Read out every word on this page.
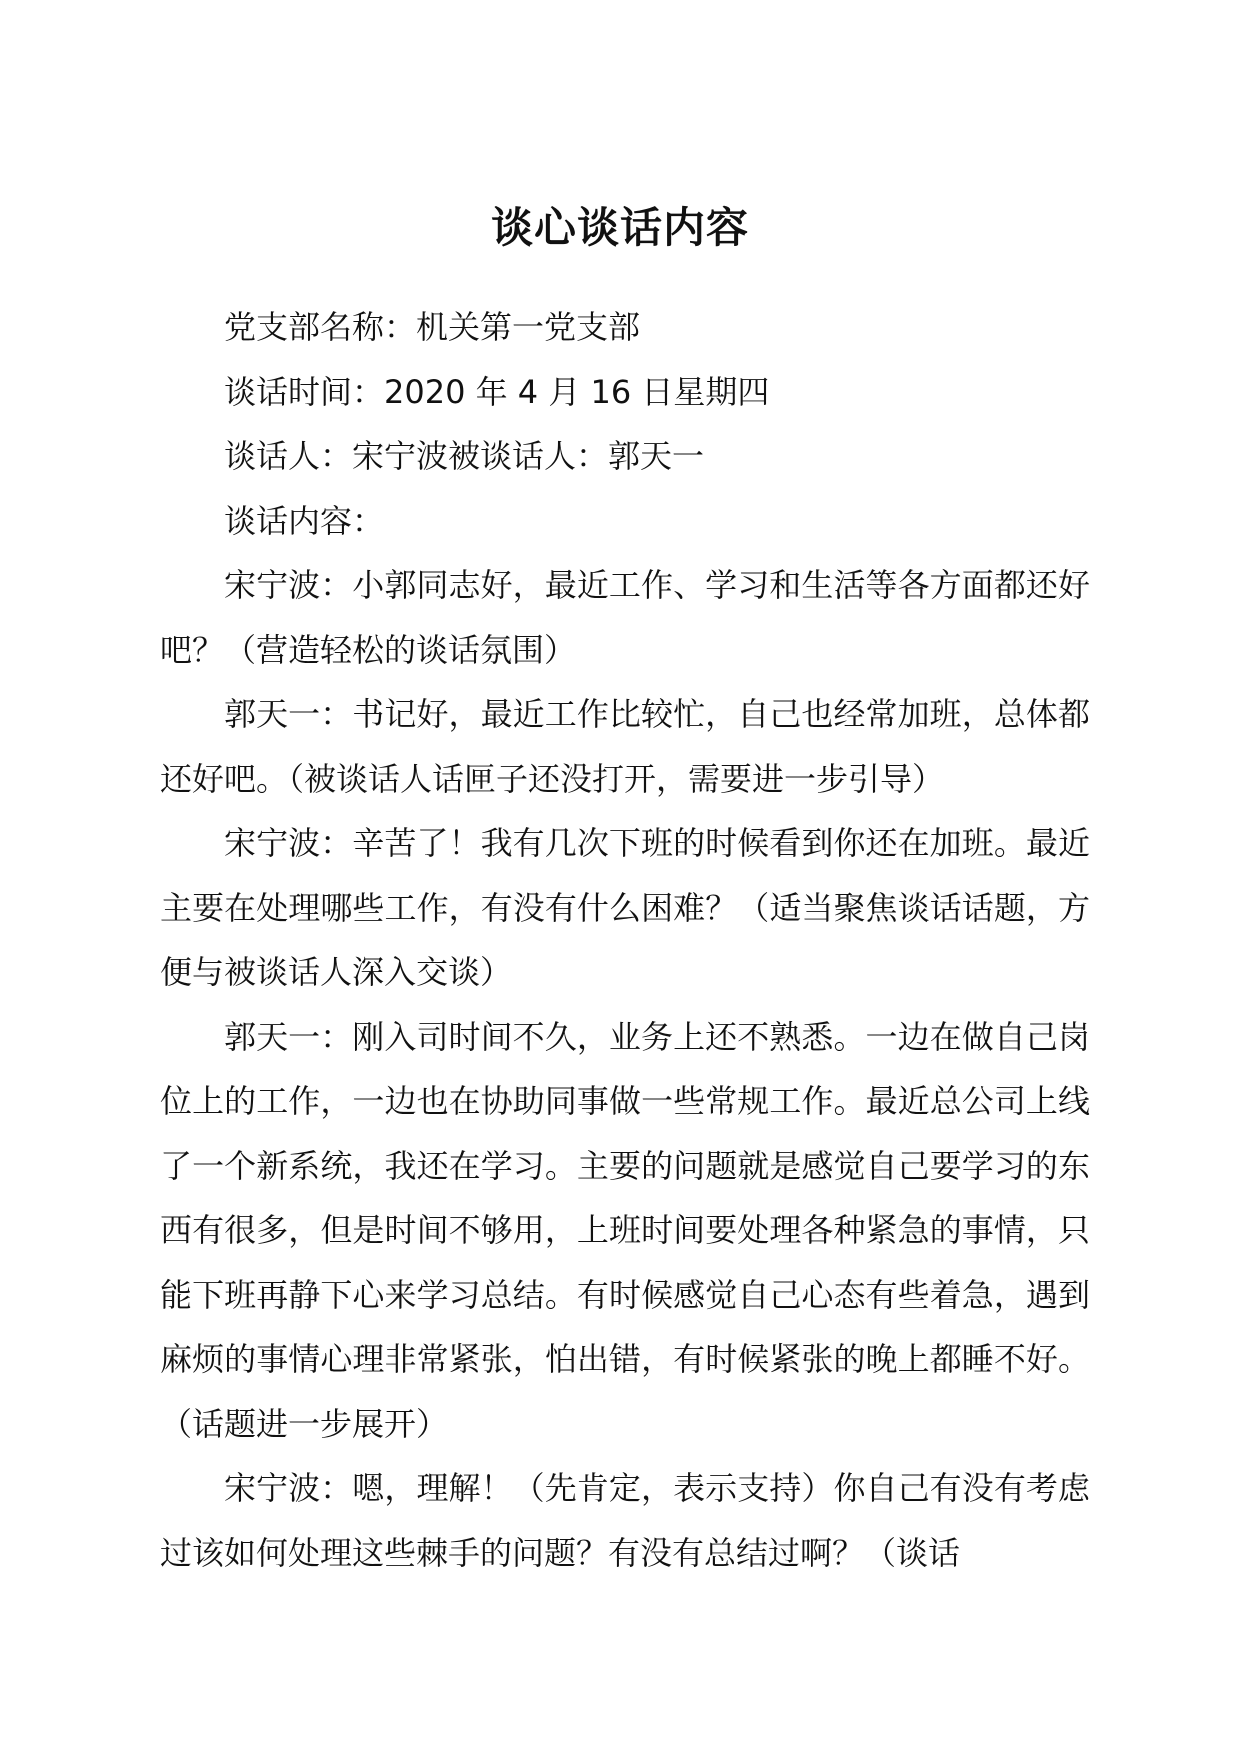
谈心谈话内容

党支部名称：机关第一党支部

谈话时间：2020 年 4 月 16 日星期四

谈话人：宋宁波被谈话人：郭天一

谈话内容：

宋宁波：小郭同志好，最近工作、学习和生活等各方面都还好吧？（营造轻松的谈话氛围）

郭天一：书记好，最近工作比较忙，自己也经常加班，总体都还好吧。（被谈话人话匣子还没打开，需要进一步引导）

宋宁波：辛苦了！我有几次下班的时候看到你还在加班。最近主要在处理哪些工作，有没有什么困难？（适当聚焦谈话话题，方便与被谈话人深入交谈）

郭天一：刚入司时间不久，业务上还不熟悉。一边在做自己岗位上的工作，一边也在协助同事做一些常规工作。最近总公司上线了一个新系统，我还在学习。主要的问题就是感觉自己要学习的东西有很多，但是时间不够用，上班时间要处理各种紧急的事情，只能下班再静下心来学习总结。有时候感觉自己心态有些着急，遇到麻烦的事情心理非常紧张，怕出错，有时候紧张的晚上都睡不好。（话题进一步展开）

宋宁波：嗯，理解！（先肯定，表示支持）你自己有没有考虑过该如何处理这些棘手的问题？有没有总结过啊？（谈话
